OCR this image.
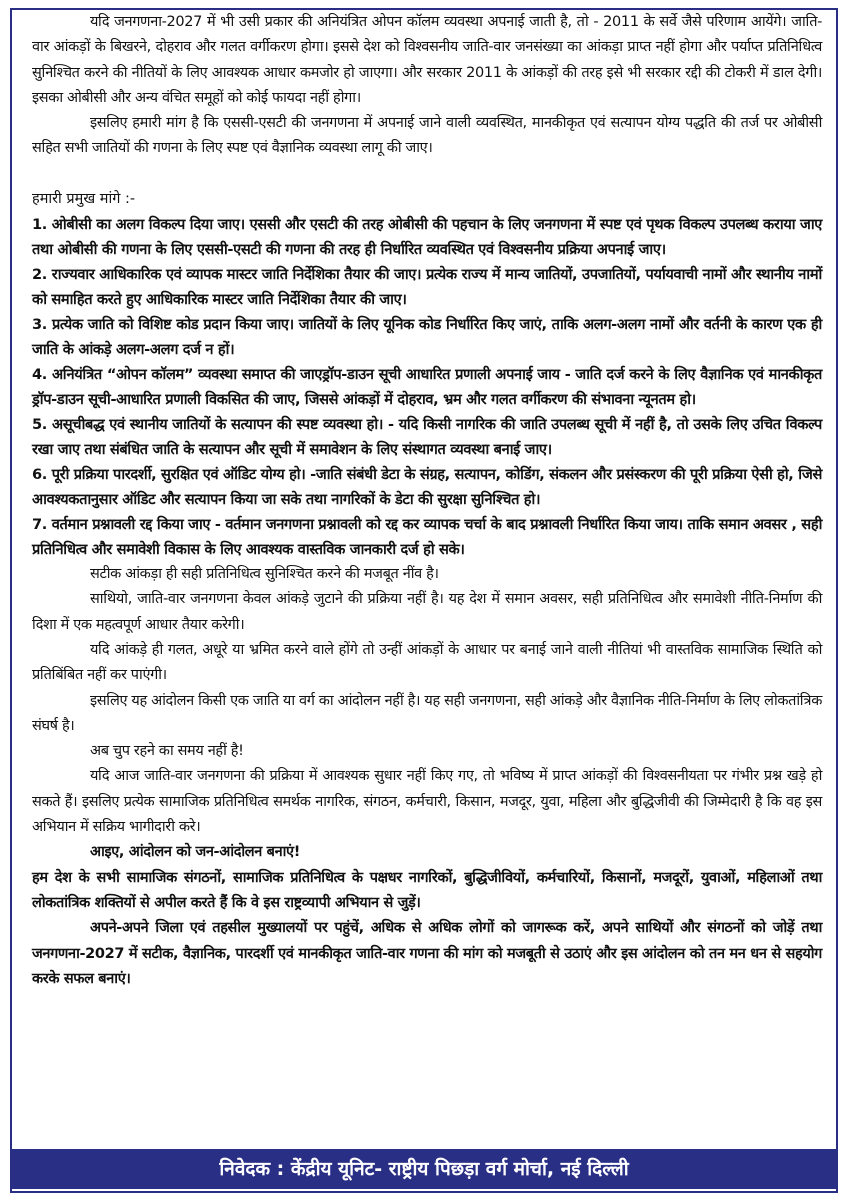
यदि जनगणना-2027 में भी उसी प्रकार की अनियंत्रित ओपन कॉलम व्यवस्था अपनाई जाती है, तो - 2011 के सर्वे जैसे परिणाम आयेंगे। जाति-वार आंकड़ों के बिखरने, दोहराव और गलत वर्गीकरण होगा। इससे देश को विश्वसनीय जाति-वार जनसंख्या का आंकड़ा प्राप्त नहीं होगा और पर्याप्त प्रतिनिधित्व सुनिश्चित करने की नीतियों के लिए आवश्यक आधार कमजोर हो जाएगा। और सरकार 2011 के आंकड़ों की तरह इसे भी सरकार रद्दी की टोकरी में डाल देगी। इसका ओबीसी और अन्य वंचित समूहों को कोई फायदा नहीं होगा।

इसलिए हमारी मांग है कि एससी-एसटी की जनगणना में अपनाई जाने वाली व्यवस्थित, मानकीकृत एवं सत्यापन योग्य पद्धति की तर्ज पर ओबीसी सहित सभी जातियों की गणना के लिए स्पष्ट एवं वैज्ञानिक व्यवस्था लागू की जाए।

हमारी प्रमुख मांगे :-

1. ओबीसी का अलग विकल्प दिया जाए। एससी और एसटी की तरह ओबीसी की पहचान के लिए जनगणना में स्पष्ट एवं पृथक विकल्प उपलब्ध कराया जाए तथा ओबीसी की गणना के लिए एससी-एसटी की गणना की तरह ही निर्धारित व्यवस्थित एवं विश्वसनीय प्रक्रिया अपनाई जाए।

2. राज्यवार आधिकारिक एवं व्यापक मास्टर जाति निर्देशिका तैयार की जाए। प्रत्येक राज्य में मान्य जातियों, उपजातियों, पर्यायवाची नामों और स्थानीय नामों को समाहित करते हुए आधिकारिक मास्टर जाति निर्देशिका तैयार की जाए।

3. प्रत्येक जाति को विशिष्ट कोड प्रदान किया जाए। जातियों के लिए यूनिक कोड निर्धारित किए जाएं, ताकि अलग-अलग नामों और वर्तनी के कारण एक ही जाति के आंकड़े अलग-अलग दर्ज न हों।

4. अनियंत्रित “ओपन कॉलम” व्यवस्था समाप्त की जाएड्रॉप-डाउन सूची आधारित प्रणाली अपनाई जाय - जाति दर्ज करने के लिए वैज्ञानिक एवं मानकीकृत ड्रॉप-डाउन सूची-आधारित प्रणाली विकसित की जाए, जिससे आंकड़ों में दोहराव, भ्रम और गलत वर्गीकरण की संभावना न्यूनतम हो।

5. असूचीबद्ध एवं स्थानीय जातियों के सत्यापन की स्पष्ट व्यवस्था हो। - यदि किसी नागरिक की जाति उपलब्ध सूची में नहीं है, तो उसके लिए उचित विकल्प रखा जाए तथा संबंधित जाति के सत्यापन और सूची में समावेशन के लिए संस्थागत व्यवस्था बनाई जाए।

6. पूरी प्रक्रिया पारदर्शी, सुरक्षित एवं ऑडिट योग्य हो। -जाति संबंधी डेटा के संग्रह, सत्यापन, कोडिंग, संकलन और प्रसंस्करण की पूरी प्रक्रिया ऐसी हो, जिसे आवश्यकतानुसार ऑडिट और सत्यापन किया जा सके तथा नागरिकों के डेटा की सुरक्षा सुनिश्चित हो।

7. वर्तमान प्रश्नावली रद्द किया जाए - वर्तमान जनगणना प्रश्नावली को रद्द कर व्यापक चर्चा के बाद प्रश्नावली निर्धारित किया जाय। ताकि समान अवसर , सही प्रतिनिधित्व और समावेशी विकास के लिए आवश्यक वास्तविक जानकारी दर्ज हो सके।

सटीक आंकड़ा ही सही प्रतिनिधित्व सुनिश्चित करने की मजबूत नींव है।

साथियो, जाति-वार जनगणना केवल आंकड़े जुटाने की प्रक्रिया नहीं है। यह देश में समान अवसर, सही प्रतिनिधित्व और समावेशी नीति-निर्माण की दिशा में एक महत्वपूर्ण आधार तैयार करेगी।

यदि आंकड़े ही गलत, अधूरे या भ्रमित करने वाले होंगे तो उन्हीं आंकड़ों के आधार पर बनाई जाने वाली नीतियां भी वास्तविक सामाजिक स्थिति को प्रतिबिंबित नहीं कर पाएंगी।

इसलिए यह आंदोलन किसी एक जाति या वर्ग का आंदोलन नहीं है। यह सही जनगणना, सही आंकड़े और वैज्ञानिक नीति-निर्माण के लिए लोकतांत्रिक संघर्ष है।

अब चुप रहने का समय नहीं है!

यदि आज जाति-वार जनगणना की प्रक्रिया में आवश्यक सुधार नहीं किए गए, तो भविष्य में प्राप्त आंकड़ों की विश्वसनीयता पर गंभीर प्रश्न खड़े हो सकते हैं। इसलिए प्रत्येक सामाजिक प्रतिनिधित्व समर्थक नागरिक, संगठन, कर्मचारी, किसान, मजदूर, युवा, महिला और बुद्धिजीवी की जिम्मेदारी है कि वह इस अभियान में सक्रिय भागीदारी करे।

आइए, आंदोलन को जन-आंदोलन बनाएं!

हम देश के सभी सामाजिक संगठनों, सामाजिक प्रतिनिधित्व के पक्षधर नागरिकों, बुद्धिजीवियों, कर्मचारियों, किसानों, मजदूरों, युवाओं, महिलाओं तथा लोकतांत्रिक शक्तियों से अपील करते हैं कि वे इस राष्ट्रव्यापी अभियान से जुड़ें।

अपने-अपने जिला एवं तहसील मुख्यालयों पर पहुंचें, अधिक से अधिक लोगों को जागरूक करें, अपने साथियों और संगठनों को जोड़ें तथा जनगणना-2027 में सटीक, वैज्ञानिक, पारदर्शी एवं मानकीकृत जाति-वार गणना की मांग को मजबूती से उठाएं और इस आंदोलन को तन मन धन से सहयोग करके सफल बनाएं।

निवेदक : केंद्रीय यूनिट- राष्ट्रीय पिछड़ा वर्ग मोर्चा, नई दिल्ली
